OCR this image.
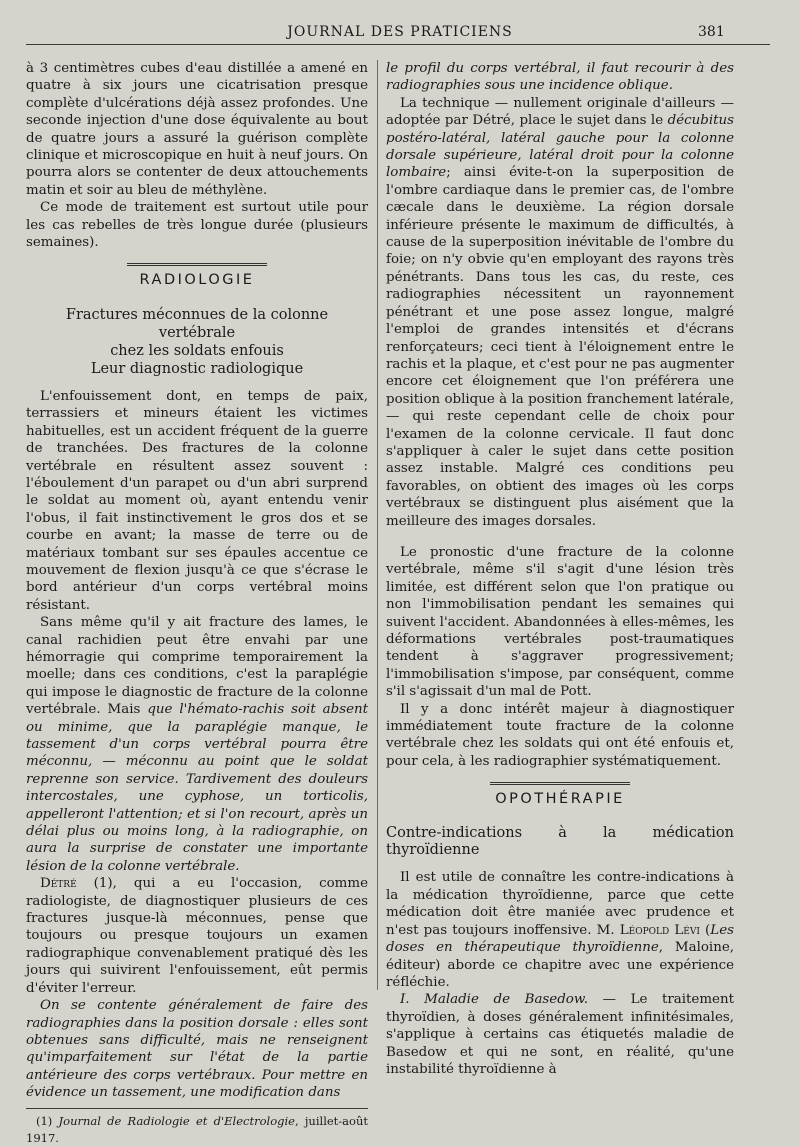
JOURNAL DES PRATICIENS	381

à 3 centimètres cubes d'eau distillée a amené en quatre à six jours une cicatrisation presque complète d'ulcérations déjà assez profondes. Une seconde injection d'une dose équivalente au bout de quatre jours a assuré la guérison complète clinique et microscopique en huit à neuf jours. On pourra alors se contenter de deux attouchements matin et soir au bleu de méthylène.

Ce mode de traitement est surtout utile pour les cas rebelles de très longue durée (plusieurs semaines).

RADIOLOGIE
Fractures méconnues de la colonne vertébrale
chez les soldats enfouis
Leur diagnostic radiologique

L'enfouissement dont, en temps de paix, terrassiers et mineurs étaient les victimes habituelles, est un accident fréquent de la guerre de tranchées. Des fractures de la colonne vertébrale en résultent assez souvent : l'éboulement d'un parapet ou d'un abri surprend le soldat au moment où, ayant entendu venir l'obus, il fait instinctivement le gros dos et se courbe en avant; la masse de terre ou de matériaux tombant sur ses épaules accentue ce mouvement de flexion jusqu'à ce que s'écrase le bord antérieur d'un corps vertébral moins résistant.

Sans même qu'il y ait fracture des lames, le canal rachidien peut être envahi par une hémorragie qui comprime temporairement la moelle; dans ces conditions, c'est la paraplégie qui impose le diagnostic de fracture de la colonne vertébrale. Mais que l'hémato-rachis soit absent ou minime, que la paraplégie manque, le tassement d'un corps vertébral pourra être méconnu, — méconnu au point que le soldat reprenne son service. Tardivement des douleurs intercostales, une cyphose, un torticolis, appelleront l'attention; et si l'on recourt, après un délai plus ou moins long, à la radiographie, on aura la surprise de constater une importante lésion de la colonne vertébrale.

Détré (1), qui a eu l'occasion, comme radiologiste, de diagnostiquer plusieurs de ces fractures jusque-là méconnues, pense que toujours ou presque toujours un examen radiographique convenablement pratiqué dès les jours qui suivirent l'enfouissement, eût permis d'éviter l'erreur.

On se contente généralement de faire des radiographies dans la position dorsale : elles sont obtenues sans difficulté, mais ne renseignent qu'imparfaitement sur l'état de la partie antérieure des corps vertébraux. Pour mettre en évidence un tassement, une modification dans

(1) Journal de Radiologie et d'Electrologie, juillet-août 1917.

le profil du corps vertébral, il faut recourir à des radiographies sous une incidence oblique.

La technique — nullement originale d'ailleurs — adoptée par Détré, place le sujet dans le décubitus postéro-latéral, latéral gauche pour la colonne dorsale supérieure, latéral droit pour la colonne lombaire; ainsi évite-t-on la superposition de l'ombre cardiaque dans le premier cas, de l'ombre cæcale dans le deuxième. La région dorsale inférieure présente le maximum de difficultés, à cause de la superposition inévitable de l'ombre du foie; on n'y obvie qu'en employant des rayons très pénétrants. Dans tous les cas, du reste, ces radiographies nécessitent un rayonnement pénétrant et une pose assez longue, malgré l'emploi de grandes intensités et d'écrans renforçateurs; ceci tient à l'éloignement entre le rachis et la plaque, et c'est pour ne pas augmenter encore cet éloignement que l'on préférera une position oblique à la position franchement latérale, — qui reste cependant celle de choix pour l'examen de la colonne cervicale. Il faut donc s'appliquer à caler le sujet dans cette position assez instable. Malgré ces conditions peu favorables, on obtient des images où les corps vertébraux se distinguent plus aisément que la meilleure des images dorsales.

Le pronostic d'une fracture de la colonne vertébrale, même s'il s'agit d'une lésion très limitée, est différent selon que l'on pratique ou non l'immobilisation pendant les semaines qui suivent l'accident. Abandonnées à elles-mêmes, les déformations vertébrales post-traumatiques tendent à s'aggraver progressivement; l'immobilisation s'impose, par conséquent, comme s'il s'agissait d'un mal de Pott.

Il y a donc intérêt majeur à diagnostiquer immédiatement toute fracture de la colonne vertébrale chez les soldats qui ont été enfouis et, pour cela, à les radiographier systématiquement.

OPOTHÉRAPIE
Contre-indications à la médication thyroïdienne

Il est utile de connaître les contre-indications à la médication thyroïdienne, parce que cette médication doit être maniée avec prudence et n'est pas toujours inoffensive. M. Léopold Lévi (Les doses en thérapeutique thyroïdienne, Maloine, éditeur) aborde ce chapitre avec une expérience réfléchie.

I. Maladie de Basedow. — Le traitement thyroïdien, à doses généralement infinitésimales, s'applique à certains cas étiquetés maladie de Basedow et qui ne sont, en réalité, qu'une instabilité thyroïdienne à
